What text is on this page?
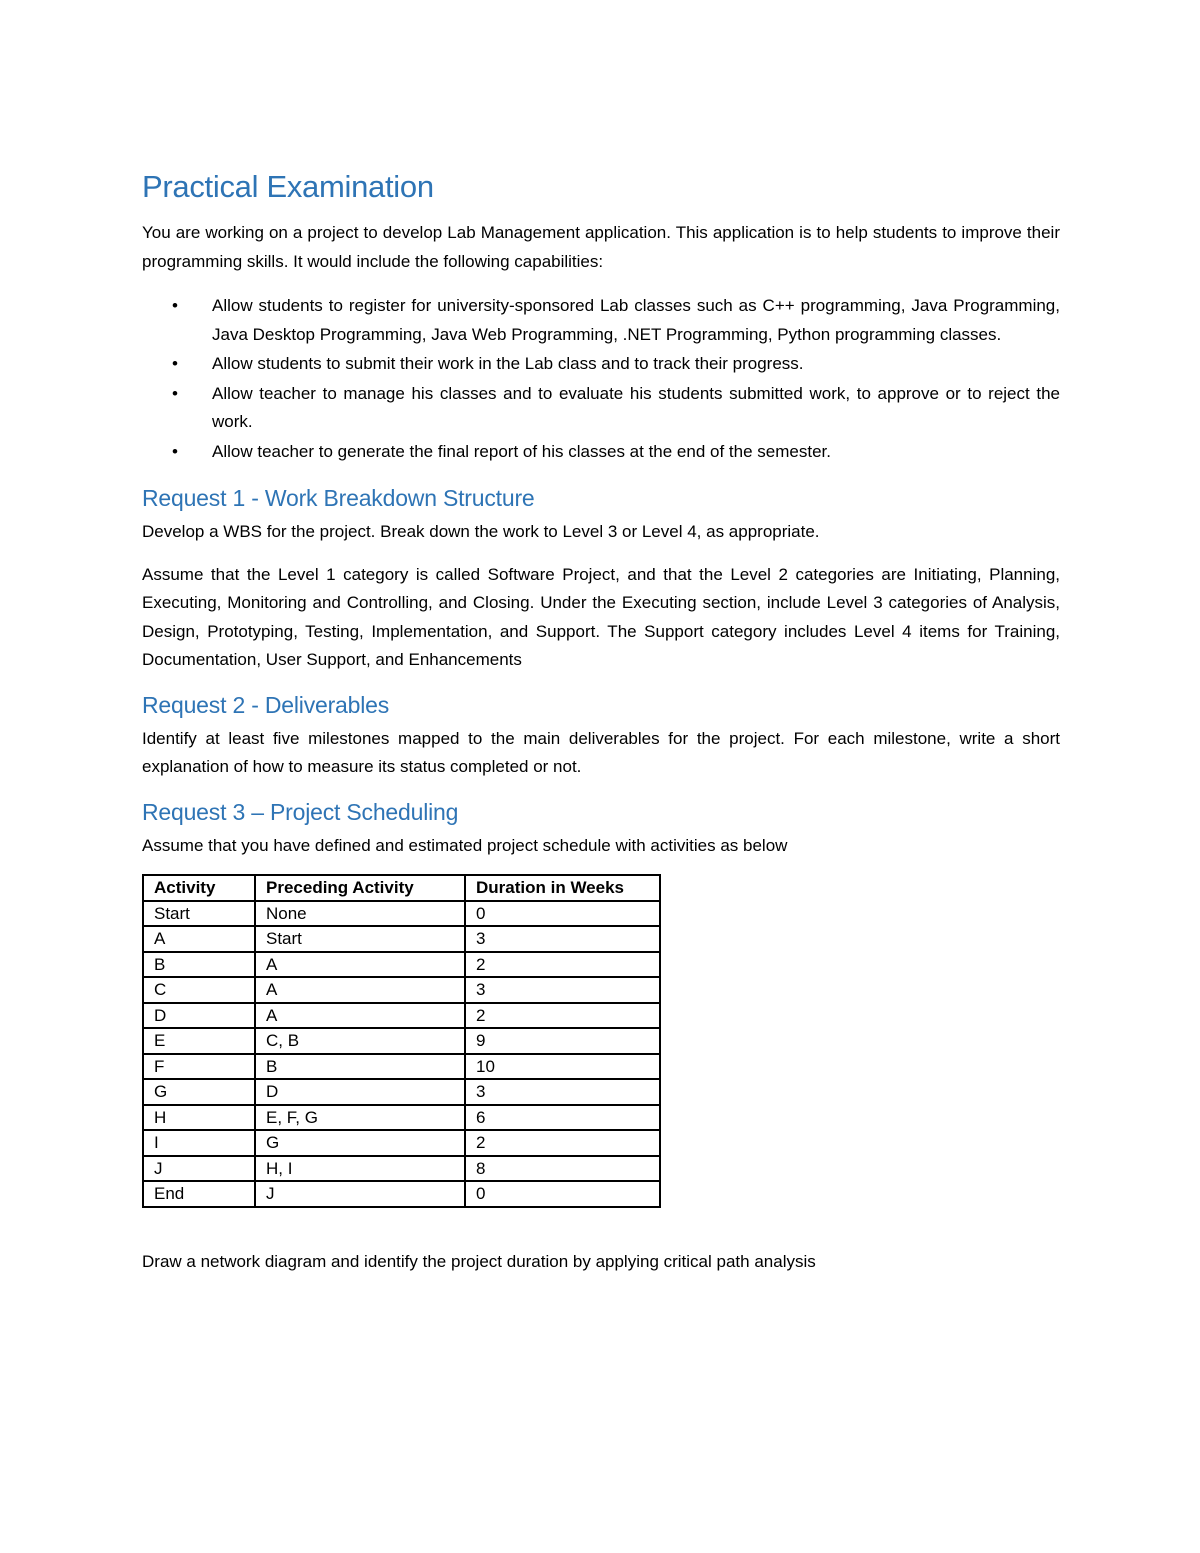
Practical Examination

You are working on a project to develop Lab Management application. This application is to help students to improve their programming skills. It would include the following capabilities:

• Allow students to register for university-sponsored Lab classes such as C++ programming, Java Programming, Java Desktop Programming, Java Web Programming, .NET Programming, Python programming classes.
• Allow students to submit their work in the Lab class and to track their progress.
• Allow teacher to manage his classes and to evaluate his students submitted work, to approve or to reject the work.
• Allow teacher to generate the final report of his classes at the end of the semester.
Request 1 - Work Breakdown Structure

Develop a WBS for the project. Break down the work to Level 3 or Level 4, as appropriate.

Assume that the Level 1 category is called Software Project, and that the Level 2 categories are Initiating, Planning, Executing, Monitoring and Controlling, and Closing. Under the Executing section, include Level 3 categories of Analysis, Design, Prototyping, Testing, Implementation, and Support. The Support category includes Level 4 items for Training, Documentation, User Support, and Enhancements

Request 2 - Deliverables

Identify at least five milestones mapped to the main deliverables for the project. For each milestone, write a short explanation of how to measure its status completed or not.

Request 3 – Project Scheduling

Assume that you have defined and estimated project schedule with activities as below

Activity	Preceding Activity	Duration in Weeks
Start	None	0
A	Start	3
B	A	2
C	A	3
D	A	2
E	C, B	9
F	B	10
G	D	3
H	E, F, G	6
I	G	2
J	H, I	8
End	J	0

Draw a network diagram and identify the project duration by applying critical path analysis
